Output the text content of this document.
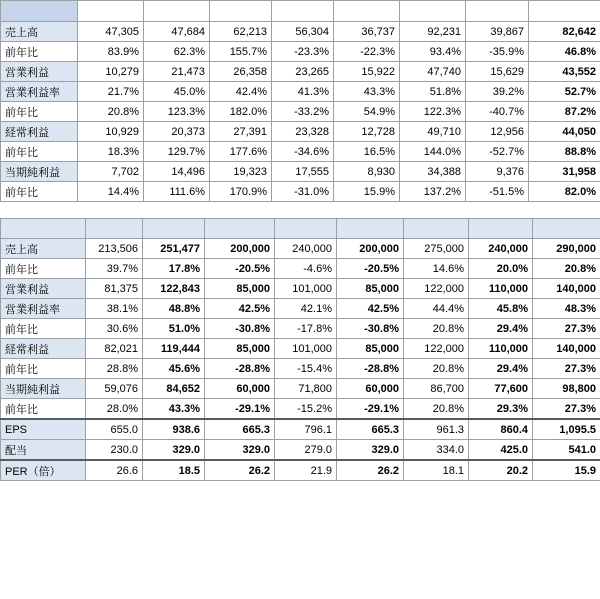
売上高	47,305	47,684	62,213	56,304	36,737	92,231	39,867	82,642
前年比	83.9%	62.3%	155.7%	-23.3%	-22.3%	93.4%	-35.9%	46.8%
営業利益	10,279	21,473	26,358	23,265	15,922	47,740	15,629	43,552
営業利益率	21.7%	45.0%	42.4%	41.3%	43.3%	51.8%	39.2%	52.7%
前年比	20.8%	123.3%	182.0%	-33.2%	54.9%	122.3%	-40.7%	87.2%
経常利益	10,929	20,373	27,391	23,328	12,728	49,710	12,956	44,050
前年比	18.3%	129.7%	177.6%	-34.6%	16.5%	144.0%	-52.7%	88.8%
当期純利益	7,702	14,496	19,323	17,555	8,930	34,388	9,376	31,958
前年比	14.4%	111.6%	170.9%	-31.0%	15.9%	137.2%	-51.5%	82.0%

売上高	213,506	251,477	200,000	240,000	200,000	275,000	240,000	290,000
前年比	39.7%	17.8%	-20.5%	-4.6%	-20.5%	14.6%	20.0%	20.8%
営業利益	81,375	122,843	85,000	101,000	85,000	122,000	110,000	140,000
営業利益率	38.1%	48.8%	42.5%	42.1%	42.5%	44.4%	45.8%	48.3%
前年比	30.6%	51.0%	-30.8%	-17.8%	-30.8%	20.8%	29.4%	27.3%
経常利益	82,021	119,444	85,000	101,000	85,000	122,000	110,000	140,000
前年比	28.8%	45.6%	-28.8%	-15.4%	-28.8%	20.8%	29.4%	27.3%
当期純利益	59,076	84,652	60,000	71,800	60,000	86,700	77,600	98,800
前年比	28.0%	43.3%	-29.1%	-15.2%	-29.1%	20.8%	29.3%	27.3%
EPS	655.0	938.6	665.3	796.1	665.3	961.3	860.4	1,095.5
配当	230.0	329.0	329.0	279.0	329.0	334.0	425.0	541.0
PER（倍）	26.6	18.5	26.2	21.9	26.2	18.1	20.2	15.9
